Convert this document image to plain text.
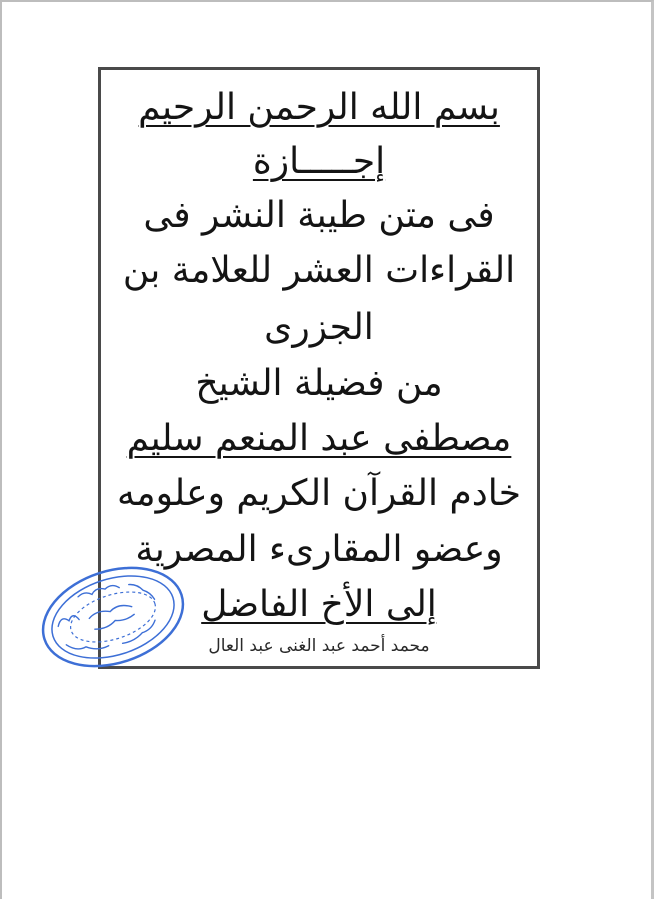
بسم الله الرحمن الرحيم
إجـــــازة
فى متن طيبة النشر فى
القراءات العشر للعلامة بن
الجزرى
من فضيلة الشيخ
مصطفى عبد المنعم سليم
خادم القرآن الكريم وعلومه
وعضو المقارىء المصرية
إلى الأخ الفاضل
محمد أحمد عبد الغنى عبد العال
